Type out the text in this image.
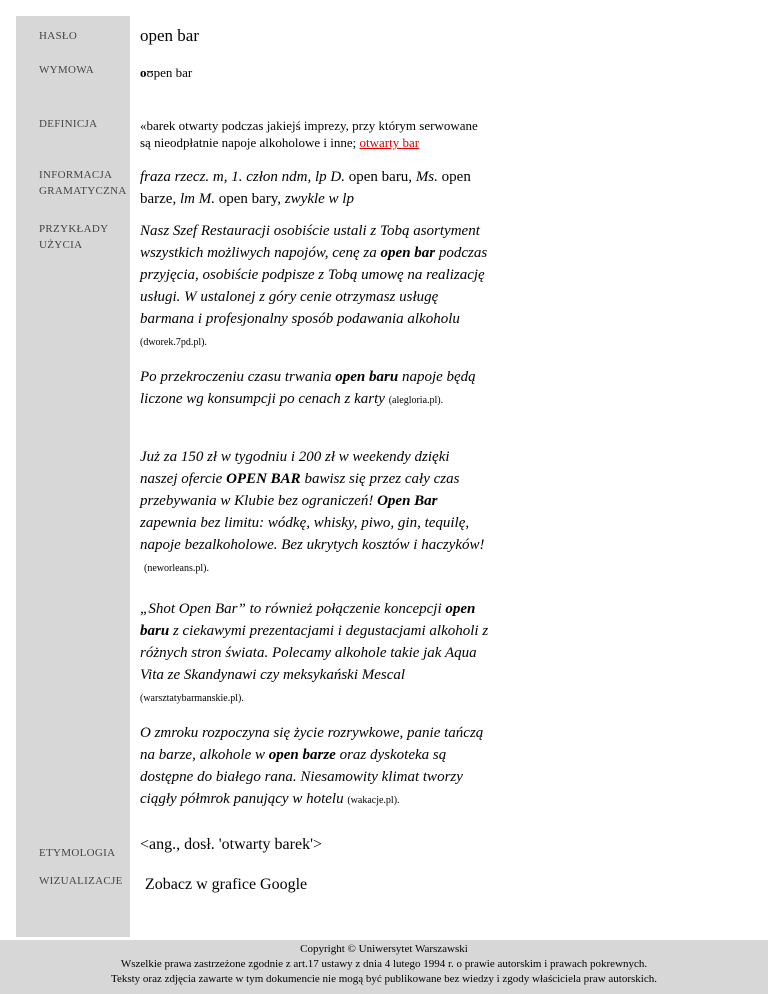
HASŁO
WYMOWA
DEFINICJA
INFORMACJA
GRAMATYCZNA
PRZYKŁADY
UŻYCIA
ETYMOLOGIA
WIZUALIZACJE
open bar
oʊpen bar
«barek otwarty podczas jakiejś imprezy, przy którym serwowane są nieodpłatnie napoje alkoholowe i inne; otwarty bar
fraza rzecz. m, 1. człon ndm, lp D. open baru, Ms. open barze, lm M. open bary, zwykle w lp
Nasz Szef Restauracji osobiście ustali z Tobą asortyment wszystkich możliwych napojów, cenę za open bar podczas przyjęcia, osobiście podpisze z Tobą umowę na realizację usługi. W ustalonej z góry cenie otrzymasz usługę barmana i profesjonalny sposób podawania alkoholu (dworek.7pd.pl).
Po przekroczeniu czasu trwania open baru napoje będą liczone wg konsumpcji po cenach z karty (alegloria.pl).
Już za 150 zł w tygodniu i 200 zł w weekendy dzięki naszej ofercie OPEN BAR bawisz się przez cały czas przebywania w Klubie bez ograniczeń! Open Bar zapewnia bez limitu: wódkę, whisky, piwo, gin, tequilę, napoje bezalkoholowe. Bez ukrytych kosztów i haczyków!
(neworleans.pl).
„Shot Open Bar” to również połączenie koncepcji open baru z ciekawymi prezentacjami i degustacjami alkoholi z różnych stron świata. Polecamy alkohole takie jak Aqua Vita ze Skandynawi czy meksykański Mescal (warsztatybarmanskie.pl).
O zmroku rozpoczyna się życie rozrywkowe, panie tańczą na barze, alkohole w open barze oraz dyskoteka są dostępne do białego rana. Niesamowity klimat tworzy ciągły półmrok panujący w hotelu (wakacje.pl).
<ang., dosł. 'otwarty barek'>
Zobacz w grafice Google
Copyright © Uniwersytet Warszawski
Wszelkie prawa zastrzeżone zgodnie z art.17 ustawy z dnia 4 lutego 1994 r. o prawie autorskim i prawach pokrewnych.
Teksty oraz zdjęcia zawarte w tym dokumencie nie mogą być publikowane bez wiedzy i zgody właściciela praw autorskich.
